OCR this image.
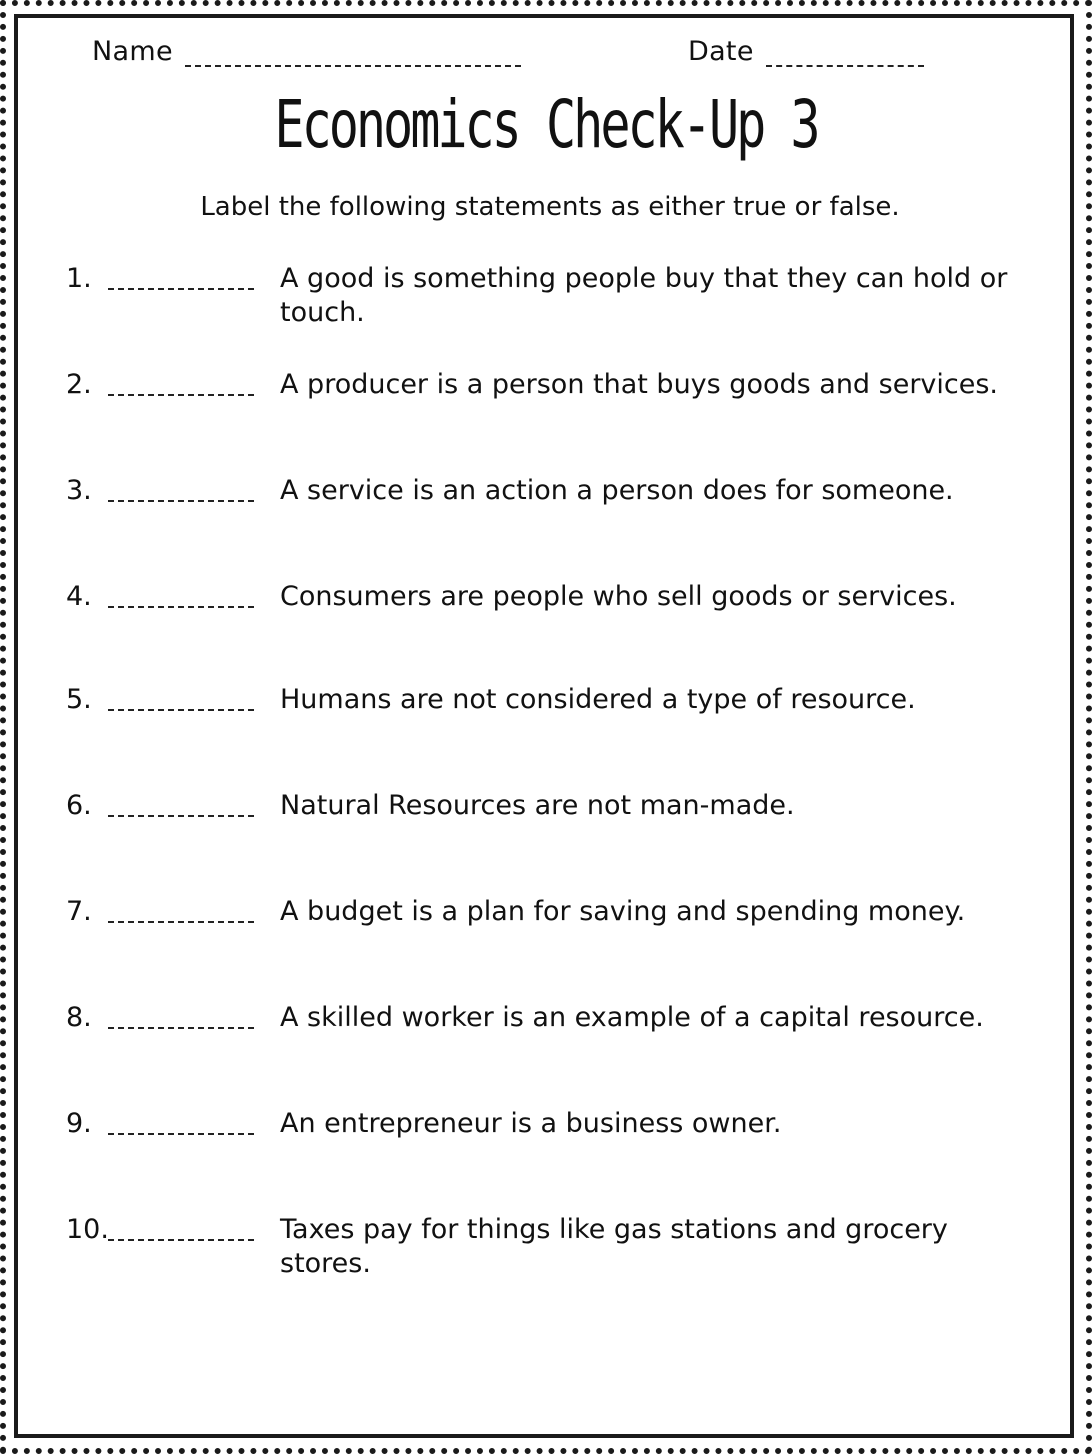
Name	Date
Economics Check-Up 3
Label the following statements as either true or false.
1.	A good is something people buy that they can hold or touch.
2.	A producer is a person that buys goods and services.
3.	A service is an action a person does for someone.
4.	Consumers are people who sell goods or services.
5.	Humans are not considered a type of resource.
6.	Natural Resources are not man-made.
7.	A budget is a plan for saving and spending money.
8.	A skilled worker is an example of a capital resource.
9.	An entrepreneur is a business owner.
10.	Taxes pay for things like gas stations and grocery stores.
